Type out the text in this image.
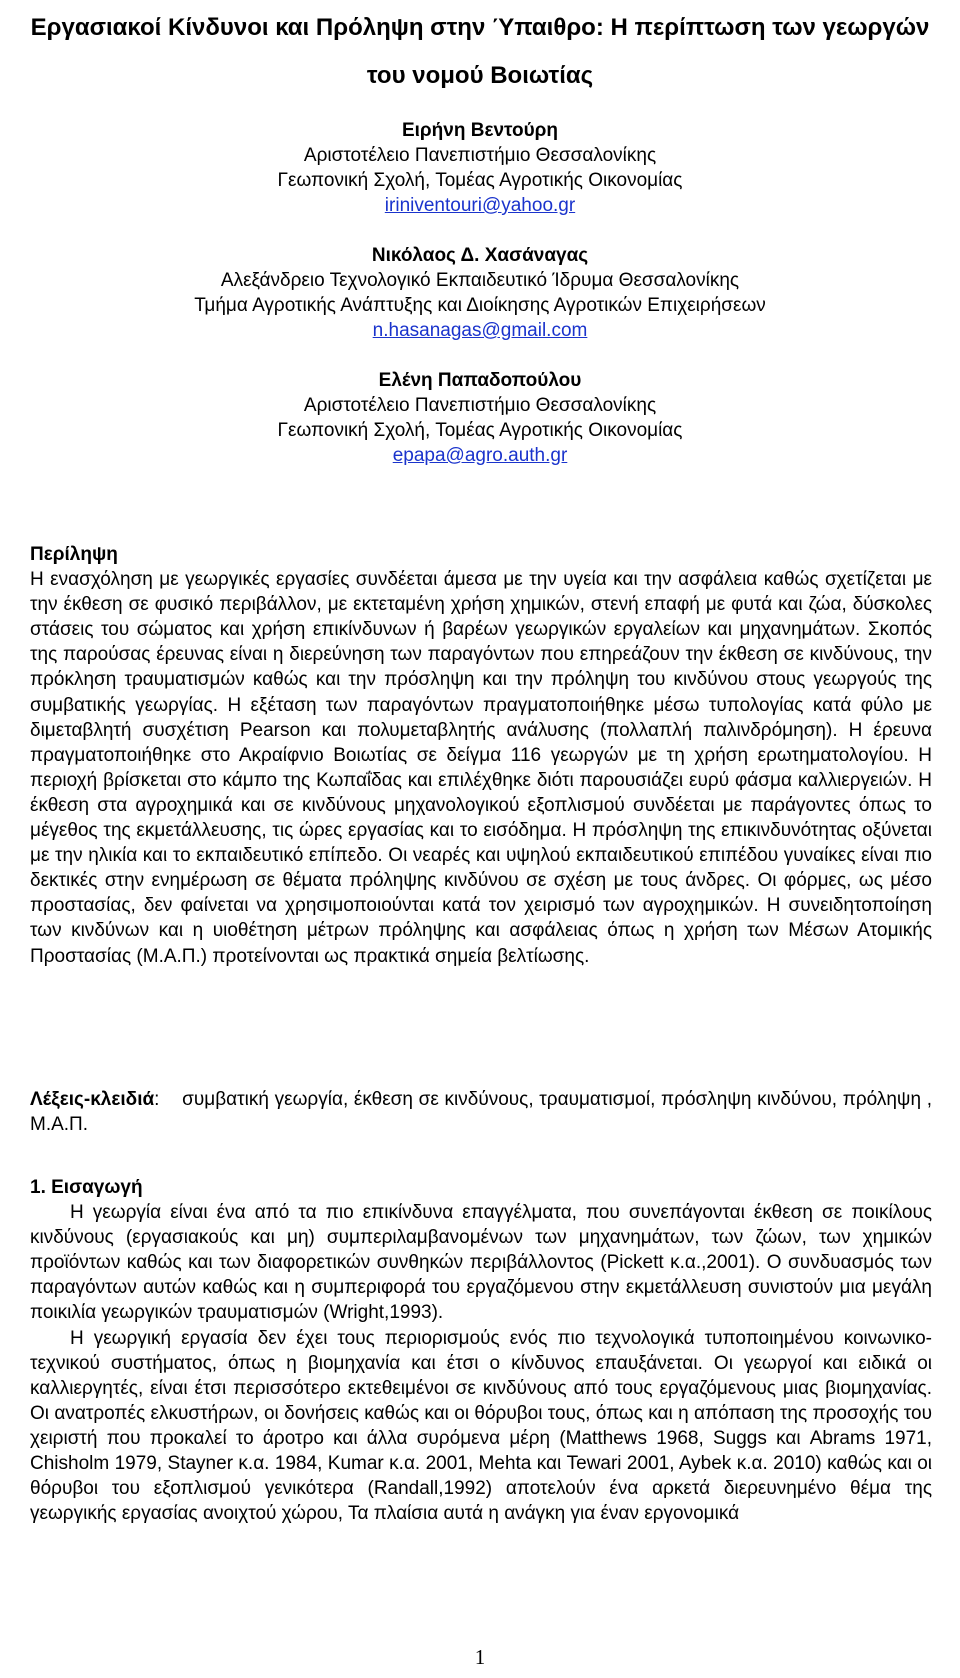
Εργασιακοί Κίνδυνοι και Πρόληψη στην Ύπαιθρο: Η περίπτωση των γεωργών του νομού Βοιωτίας
Ειρήνη Βεντούρη
Αριστοτέλειο Πανεπιστήμιο Θεσσαλονίκης
Γεωπονική Σχολή, Τομέας Αγροτικής Οικονομίας
iriniventouri@yahoo.gr
Νικόλαος Δ. Χασάναγας
Αλεξάνδρειο Τεχνολογικό Εκπαιδευτικό Ίδρυμα Θεσσαλονίκης
Τμήμα Αγροτικής Ανάπτυξης και Διοίκησης Αγροτικών Επιχειρήσεων
n.hasanagas@gmail.com
Ελένη Παπαδοπούλου
Αριστοτέλειο Πανεπιστήμιο Θεσσαλονίκης
Γεωπονική Σχολή, Τομέας Αγροτικής Οικονομίας
epapa@agro.auth.gr
Περίληψη
Η ενασχόληση με γεωργικές εργασίες συνδέεται άμεσα με την υγεία και την ασφάλεια καθώς σχετίζεται με την έκθεση σε φυσικό περιβάλλον, με εκτεταμένη χρήση χημικών, στενή επαφή με φυτά και ζώα, δύσκολες στάσεις του σώματος και χρήση επικίνδυνων ή βαρέων γεωργικών εργαλείων και μηχανημάτων. Σκοπός της παρούσας έρευνας είναι η διερεύνηση των παραγόντων που επηρεάζουν την έκθεση σε κινδύνους, την πρόκληση τραυματισμών καθώς και την πρόσληψη και την πρόληψη του κινδύνου στους γεωργούς της συμβατικής γεωργίας. Η εξέταση των παραγόντων πραγματοποιήθηκε μέσω τυπολογίας κατά φύλο με διμεταβλητή συσχέτιση Pearson και πολυμεταβλητής ανάλυσης (πολλαπλή παλινδρόμηση). Η έρευνα πραγματοποιήθηκε στο Ακραίφνιο Βοιωτίας σε δείγμα 116 γεωργών με τη χρήση ερωτηματολογίου. Η περιοχή βρίσκεται στο κάμπο της Κωπαΐδας και επιλέχθηκε διότι παρουσιάζει ευρύ φάσμα καλλιεργειών. Η έκθεση στα αγροχημικά και σε κινδύνους μηχανολογικού εξοπλισμού συνδέεται με παράγοντες όπως το μέγεθος της εκμετάλλευσης, τις ώρες εργασίας και το εισόδημα. Η πρόσληψη της επικινδυνότητας οξύνεται με την ηλικία και το εκπαιδευτικό επίπεδο. Οι νεαρές και υψηλού εκπαιδευτικού επιπέδου γυναίκες είναι πιο δεκτικές στην ενημέρωση σε θέματα πρόληψης κινδύνου σε σχέση με τους άνδρες. Οι φόρμες, ως μέσο προστασίας, δεν φαίνεται να χρησιμοποιούνται κατά τον χειρισμό των αγροχημικών. Η συνειδητοποίηση των κινδύνων και η υιοθέτηση μέτρων πρόληψης και ασφάλειας όπως η χρήση των Μέσων Ατομικής Προστασίας (Μ.Α.Π.) προτείνονται ως πρακτικά σημεία βελτίωσης.
Λέξεις-κλειδιά: συμβατική γεωργία, έκθεση σε κινδύνους, τραυματισμοί, πρόσληψη κινδύνου, πρόληψη , Μ.Α.Π.
1. Εισαγωγή

Η γεωργία είναι ένα από τα πιο επικίνδυνα επαγγέλματα, που συνεπάγονται έκθεση σε ποικίλους κινδύνους (εργασιακούς και μη) συμπεριλαμβανομένων των μηχανημάτων, των ζώων, των χημικών προϊόντων καθώς και των διαφορετικών συνθηκών περιβάλλοντος (Pickett κ.α.,2001). Ο συνδυασμός των παραγόντων αυτών καθώς και η συμπεριφορά του εργαζόμενου στην εκμετάλλευση συνιστούν μια μεγάλη ποικιλία γεωργικών τραυματισμών (Wright,1993).

Η γεωργική εργασία δεν έχει τους περιορισμούς ενός πιο τεχνολογικά τυποποιημένου κοινωνικο-τεχνικού συστήματος, όπως η βιομηχανία και έτσι ο κίνδυνος επαυξάνεται. Οι γεωργοί και ειδικά οι καλλιεργητές, είναι έτσι περισσότερο εκτεθειμένοι σε κινδύνους από τους εργαζόμενους μιας βιομηχανίας. Οι ανατροπές ελκυστήρων, οι δονήσεις καθώς και οι θόρυβοι τους, όπως και η απόπαση της προσοχής του χειριστή που προκαλεί το άροτρο και άλλα συρόμενα μέρη (Matthews 1968, Suggs και Abrams 1971, Chisholm 1979, Stayner κ.α. 1984, Kumar κ.α. 2001, Mehta και Tewari 2001, Aybek κ.α. 2010) καθώς και οι θόρυβοι του εξοπλισμού γενικότερα (Randall,1992) αποτελούν ένα αρκετά διερευνημένο θέμα της γεωργικής εργασίας ανοιχτού χώρου, Τα πλαίσια αυτά η ανάγκη για έναν εργονομικά

1
